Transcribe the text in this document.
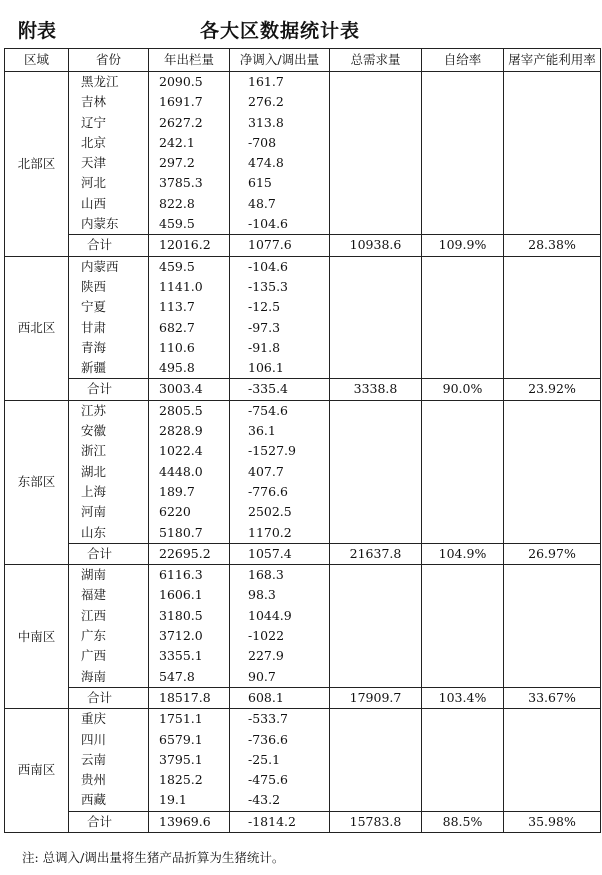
附表	各大区数据统计表
区域	省份	年出栏量	净调入/调出量	总需求量	自给率	屠宰产能利用率
北部区	黑龙江	2090.5	161.7			
	吉林	1691.7	276.2			
	辽宁	2627.2	313.8			
	北京	242.1	-708			
	天津	297.2	474.8			
	河北	3785.3	615			
	山西	822.8	48.7			
	内蒙东	459.5	-104.6			
	合计	12016.2	1077.6	10938.6	109.9%	28.38%
西北区	内蒙西	459.5	-104.6			
	陕西	1141.0	-135.3			
	宁夏	113.7	-12.5			
	甘肃	682.7	-97.3			
	青海	110.6	-91.8			
	新疆	495.8	106.1			
	合计	3003.4	-335.4	3338.8	90.0%	23.92%
东部区	江苏	2805.5	-754.6			
	安徽	2828.9	36.1			
	浙江	1022.4	-1527.9			
	湖北	4448.0	407.7			
	上海	189.7	-776.6			
	河南	6220	2502.5			
	山东	5180.7	1170.2			
	合计	22695.2	1057.4	21637.8	104.9%	26.97%
中南区	湖南	6116.3	168.3			
	福建	1606.1	98.3			
	江西	3180.5	1044.9			
	广东	3712.0	-1022			
	广西	3355.1	227.9			
	海南	547.8	90.7			
	合计	18517.8	608.1	17909.7	103.4%	33.67%
西南区	重庆	1751.1	-533.7			
	四川	6579.1	-736.6			
	云南	3795.1	-25.1			
	贵州	1825.2	-475.6			
	西藏	19.1	-43.2			
	合计	13969.6	-1814.2	15783.8	88.5%	35.98%
注: 总调入/调出量将生猪产品折算为生猪统计。
